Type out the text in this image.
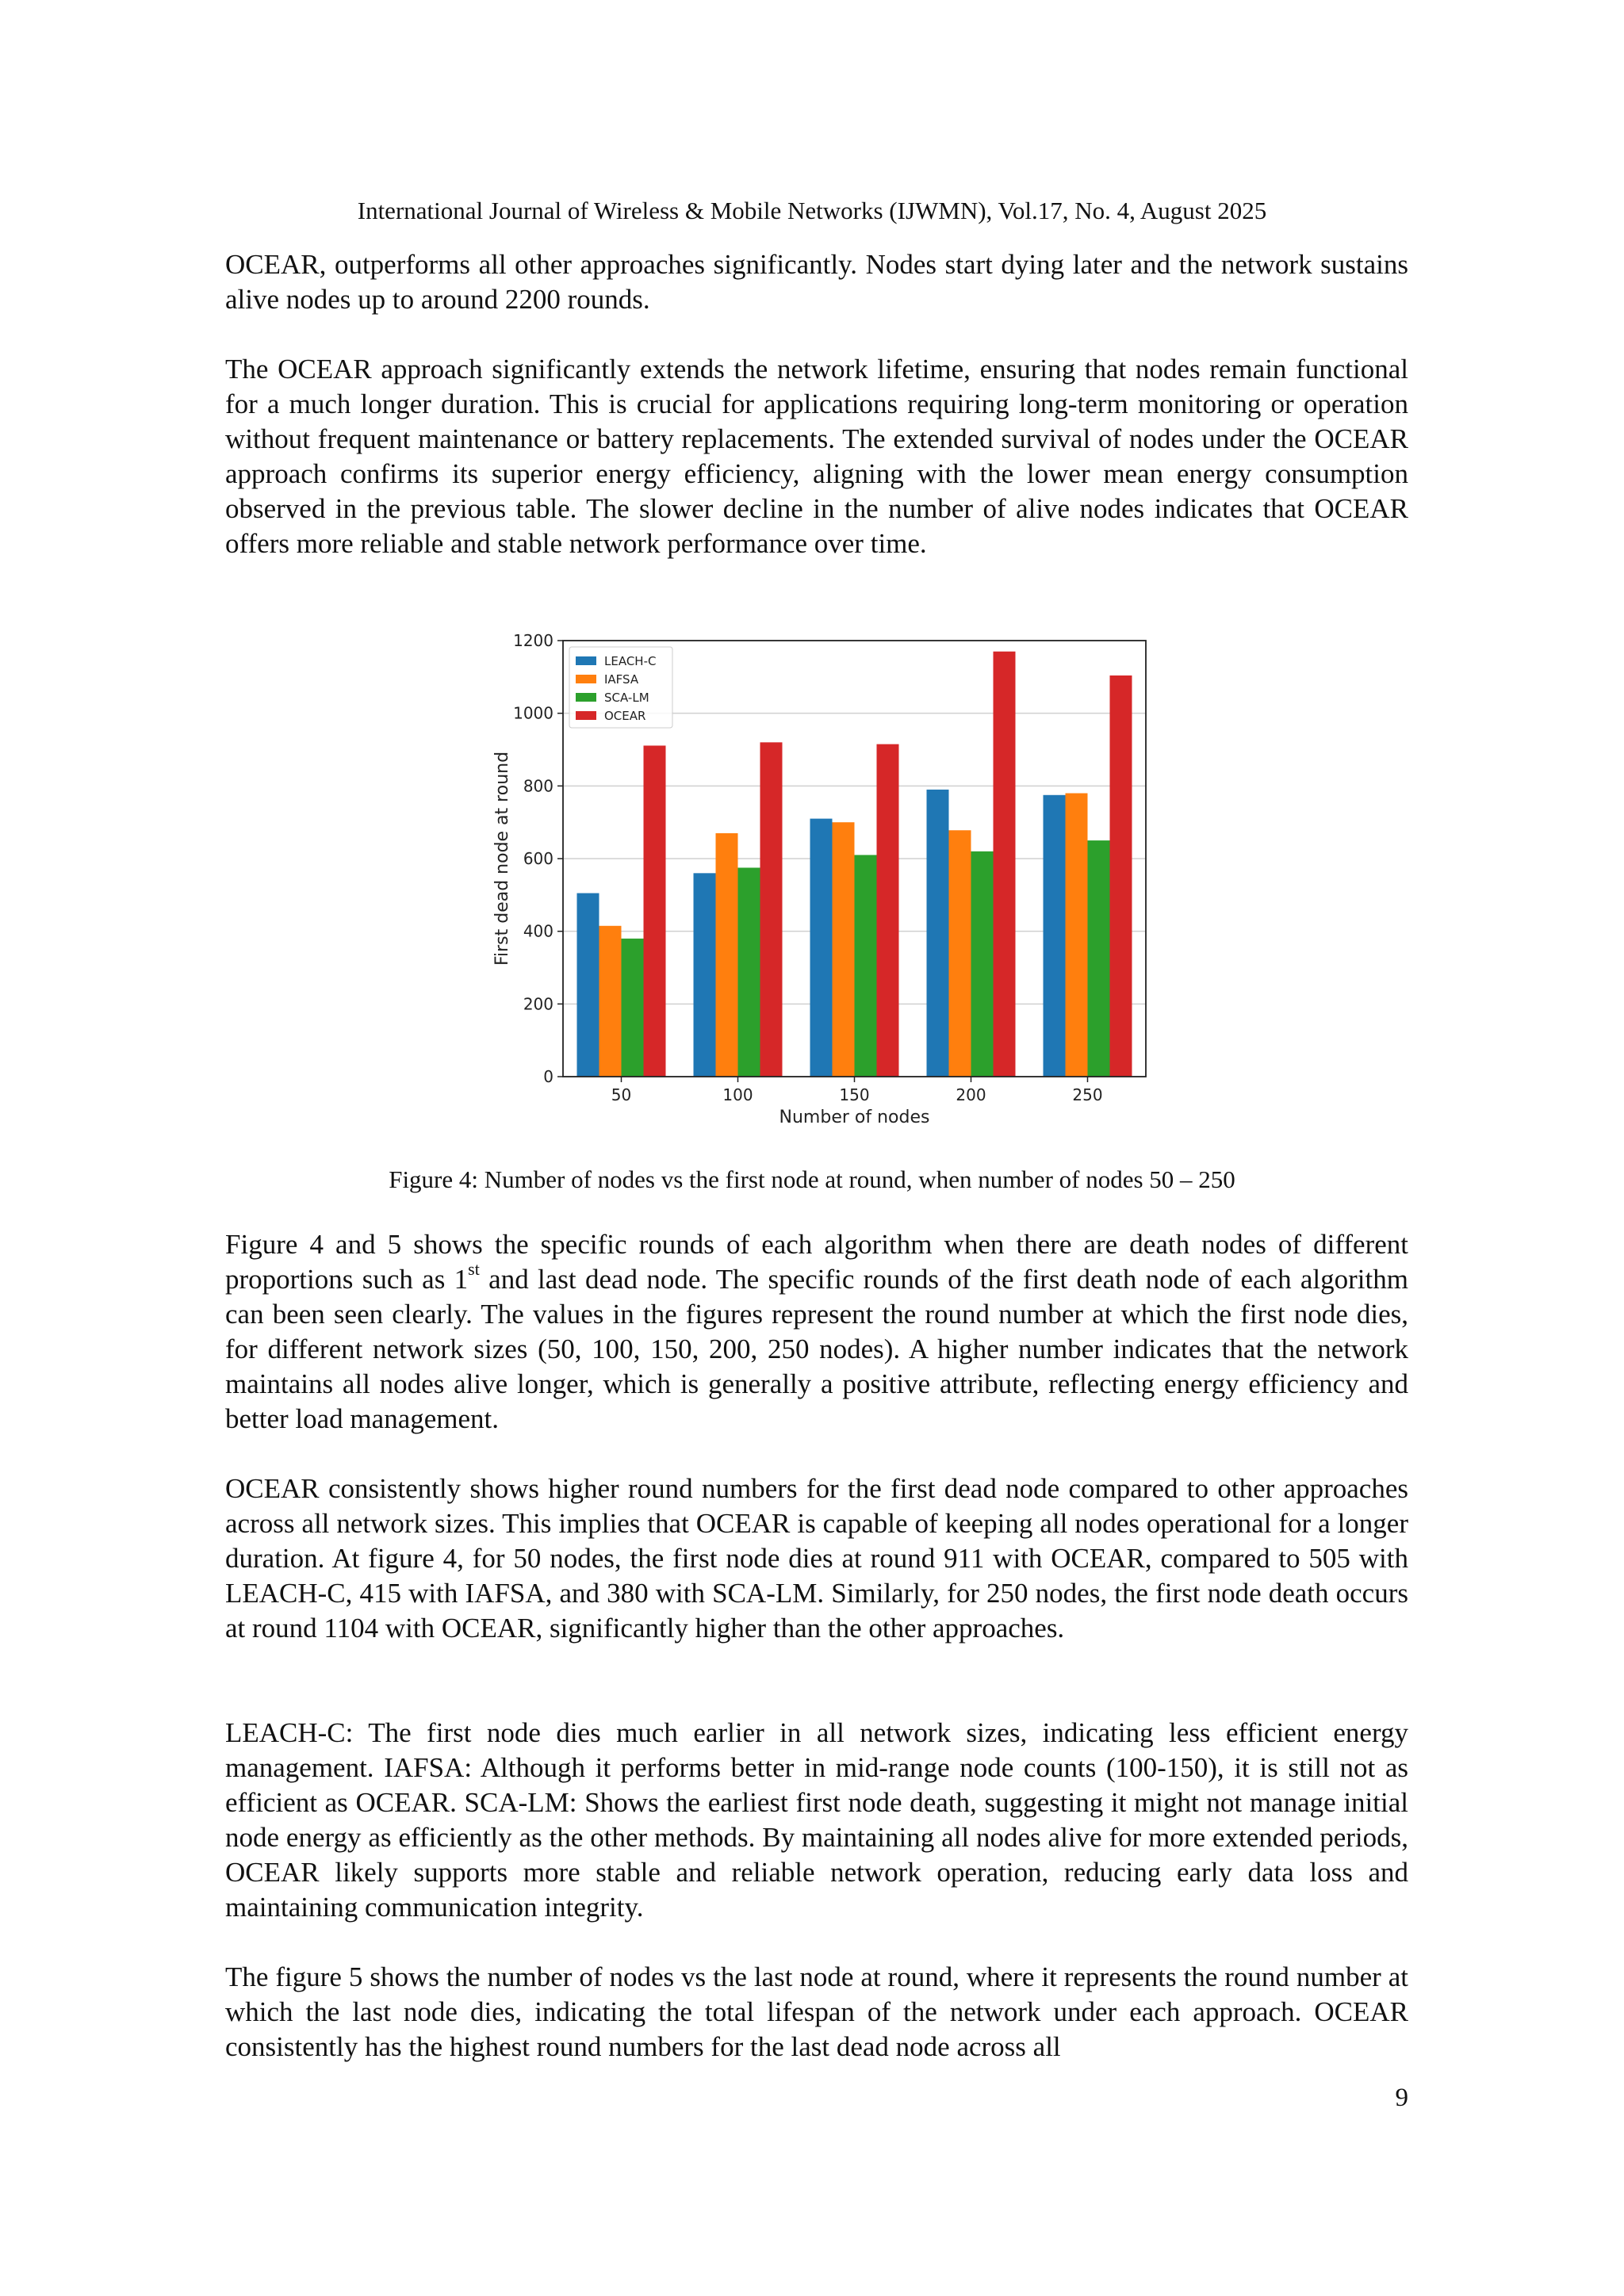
International Journal of Wireless & Mobile Networks (IJWMN), Vol.17, No. 4, August 2025

OCEAR, outperforms all other approaches significantly. Nodes start dying later and the network sustains alive nodes up to around 2200 rounds.

The OCEAR approach significantly extends the network lifetime, ensuring that nodes remain functional for a much longer duration. This is crucial for applications requiring long-term monitoring or operation without frequent maintenance or battery replacements. The extended survival of nodes under the OCEAR approach confirms its superior energy efficiency, aligning with the lower mean energy consumption observed in the previous table. The slower decline in the number of alive nodes indicates that OCEAR offers more reliable and stable network performance over time.

0
200
400
600
800
1000
1200
50	100	150	200	250
Number of nodes
First dead node at round
LEACH-C
IAFSA
SCA-LM
OCEAR
Figure 4: Number of nodes vs the first node at round, when number of nodes 50 – 250

Figure 4 and 5 shows the specific rounds of each algorithm when there are death nodes of different proportions such as 1st and last dead node. The specific rounds of the first death node of each algorithm can been seen clearly. The values in the figures represent the round number at which the first node dies, for different network sizes (50, 100, 150, 200, 250 nodes). A higher number indicates that the network maintains all nodes alive longer, which is generally a positive attribute, reflecting energy efficiency and better load management.

OCEAR consistently shows higher round numbers for the first dead node compared to other approaches across all network sizes. This implies that OCEAR is capable of keeping all nodes operational for a longer duration. At figure 4, for 50 nodes, the first node dies at round 911 with OCEAR, compared to 505 with LEACH-C, 415 with IAFSA, and 380 with SCA-LM. Similarly, for 250 nodes, the first node death occurs at round 1104 with OCEAR, significantly higher than the other approaches.

LEACH-C: The first node dies much earlier in all network sizes, indicating less efficient energy management. IAFSA: Although it performs better in mid-range node counts (100-150), it is still not as efficient as OCEAR. SCA-LM: Shows the earliest first node death, suggesting it might not manage initial node energy as efficiently as the other methods. By maintaining all nodes alive for more extended periods, OCEAR likely supports more stable and reliable network operation, reducing early data loss and maintaining communication integrity.

The figure 5 shows the number of nodes vs the last node at round, where it represents the round number at which the last node dies, indicating the total lifespan of the network under each approach. OCEAR consistently has the highest round numbers for the last dead node across all

9
